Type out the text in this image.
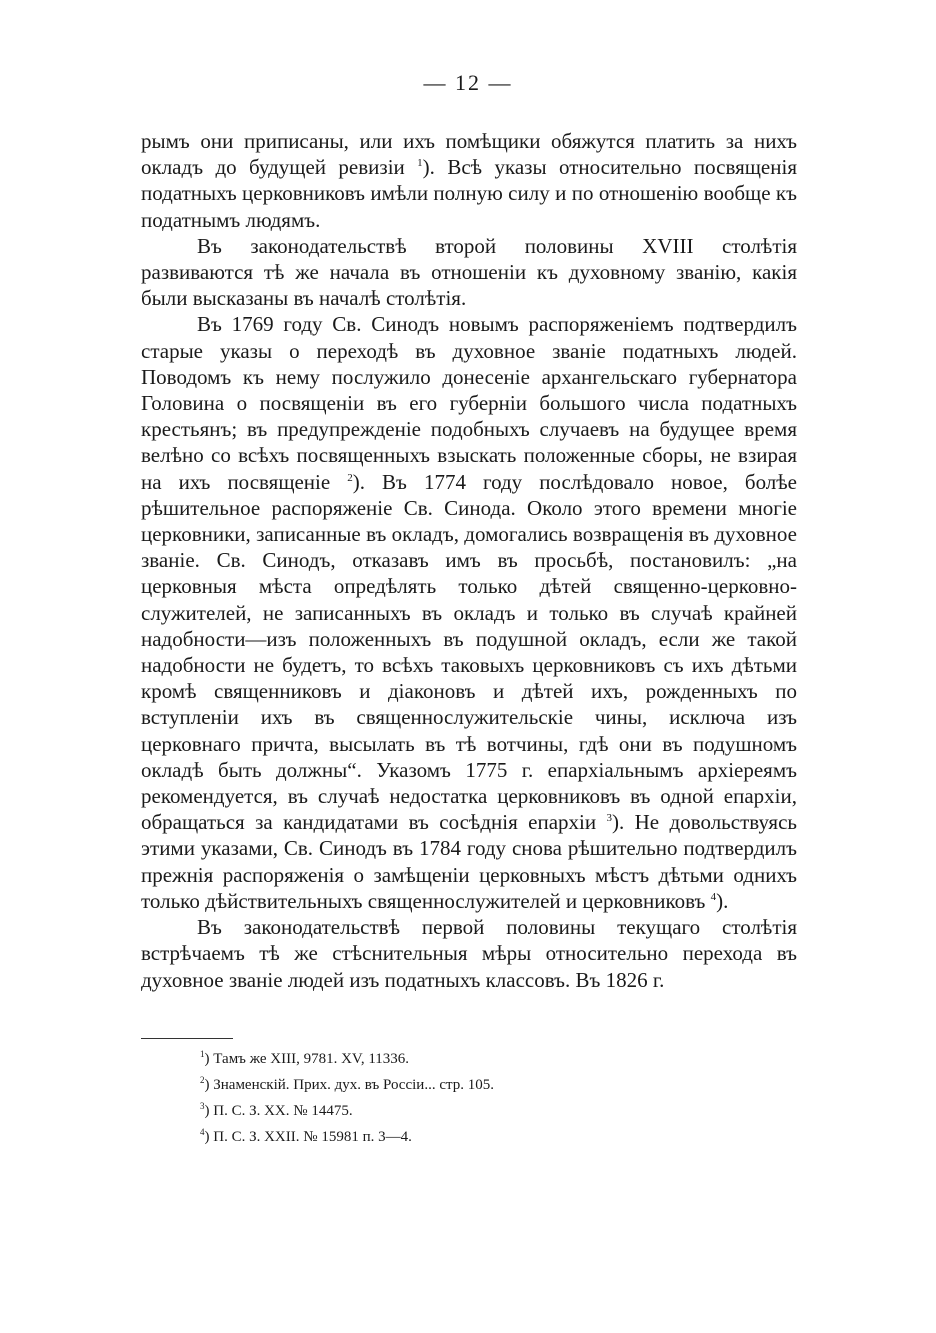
— 12 —

рымъ они приписаны, или ихъ помѣщики обяжутся платить за нихъ окладъ до будущей ревизіи $^1$). Всѣ указы относительно посвященія податныхъ церковниковъ имѣли полную силу и по отношенію вообще къ податнымъ людямъ.

Въ законодательствѣ второй половины XVIII столѣтія развиваются тѣ же начала въ отношеніи къ духовному званію, какія были высказаны въ началѣ столѣтія.

Въ 1769 году Св. Синодъ новымъ распоряженіемъ подтвердилъ старые указы о переходѣ въ духовное званіе податныхъ людей. Поводомъ къ нему послужило донесеніе архангельскаго губернатора Головина о посвященіи въ его губерніи большого числа податныхъ крестьянъ; въ предупрежденіе подобныхъ случаевъ на будущее время велѣно со всѣхъ посвященныхъ взыскать положенные сборы, не взирая на ихъ посвященіе $^2$). Въ 1774 году послѣдовало новое, болѣе рѣшительное распоряженіе Св. Синода. Около этого времени многіе церковники, записанные въ окладъ, домогались возвращенія въ духовное званіе. Св. Синодъ, отказавъ имъ въ просьбѣ, постановилъ: „на церковныя мѣста опредѣлять только дѣтей священно-церковно-служителей, не записанныхъ въ окладъ и только въ случаѣ крайней надобности—изъ положенныхъ въ подушной окладъ, если же такой надобности не будетъ, то всѣхъ таковыхъ церковниковъ съ ихъ дѣтьми кромѣ священниковъ и діаконовъ и дѣтей ихъ, рожденныхъ по вступленіи ихъ въ священнослужительскіе чины, исключа изъ церковнаго причта, высылать въ тѣ вотчины, гдѣ они въ подушномъ окладѣ быть должны“. Указомъ 1775 г. епархіальнымъ архіереямъ рекомендуется, въ случаѣ недостатка церковниковъ въ одной епархіи, обращаться за кандидатами въ сосѣднія епархіи $^3$). Не довольствуясь этими указами, Св. Синодъ въ 1784 году снова рѣшительно подтвердилъ прежнія распоряженія о замѣщеніи церковныхъ мѣстъ дѣтьми однихъ только дѣйствительныхъ священнослужителей и церковниковъ $^4$).

Въ законодательствѣ первой половины текущаго столѣтія встрѣчаемъ тѣ же стѣснительныя мѣры относительно перехода въ духовное званіе людей изъ податныхъ классовъ. Въ 1826 г.

$^1$) Тамъ же XIII, 9781. XV, 11336.
$^2$) Знаменскій. Прих. дух. въ Россіи... стр. 105.
$^3$) П. С. З. XX. № 14475.
$^4$) П. С. З. XXII. № 15981 п. 3—4.
